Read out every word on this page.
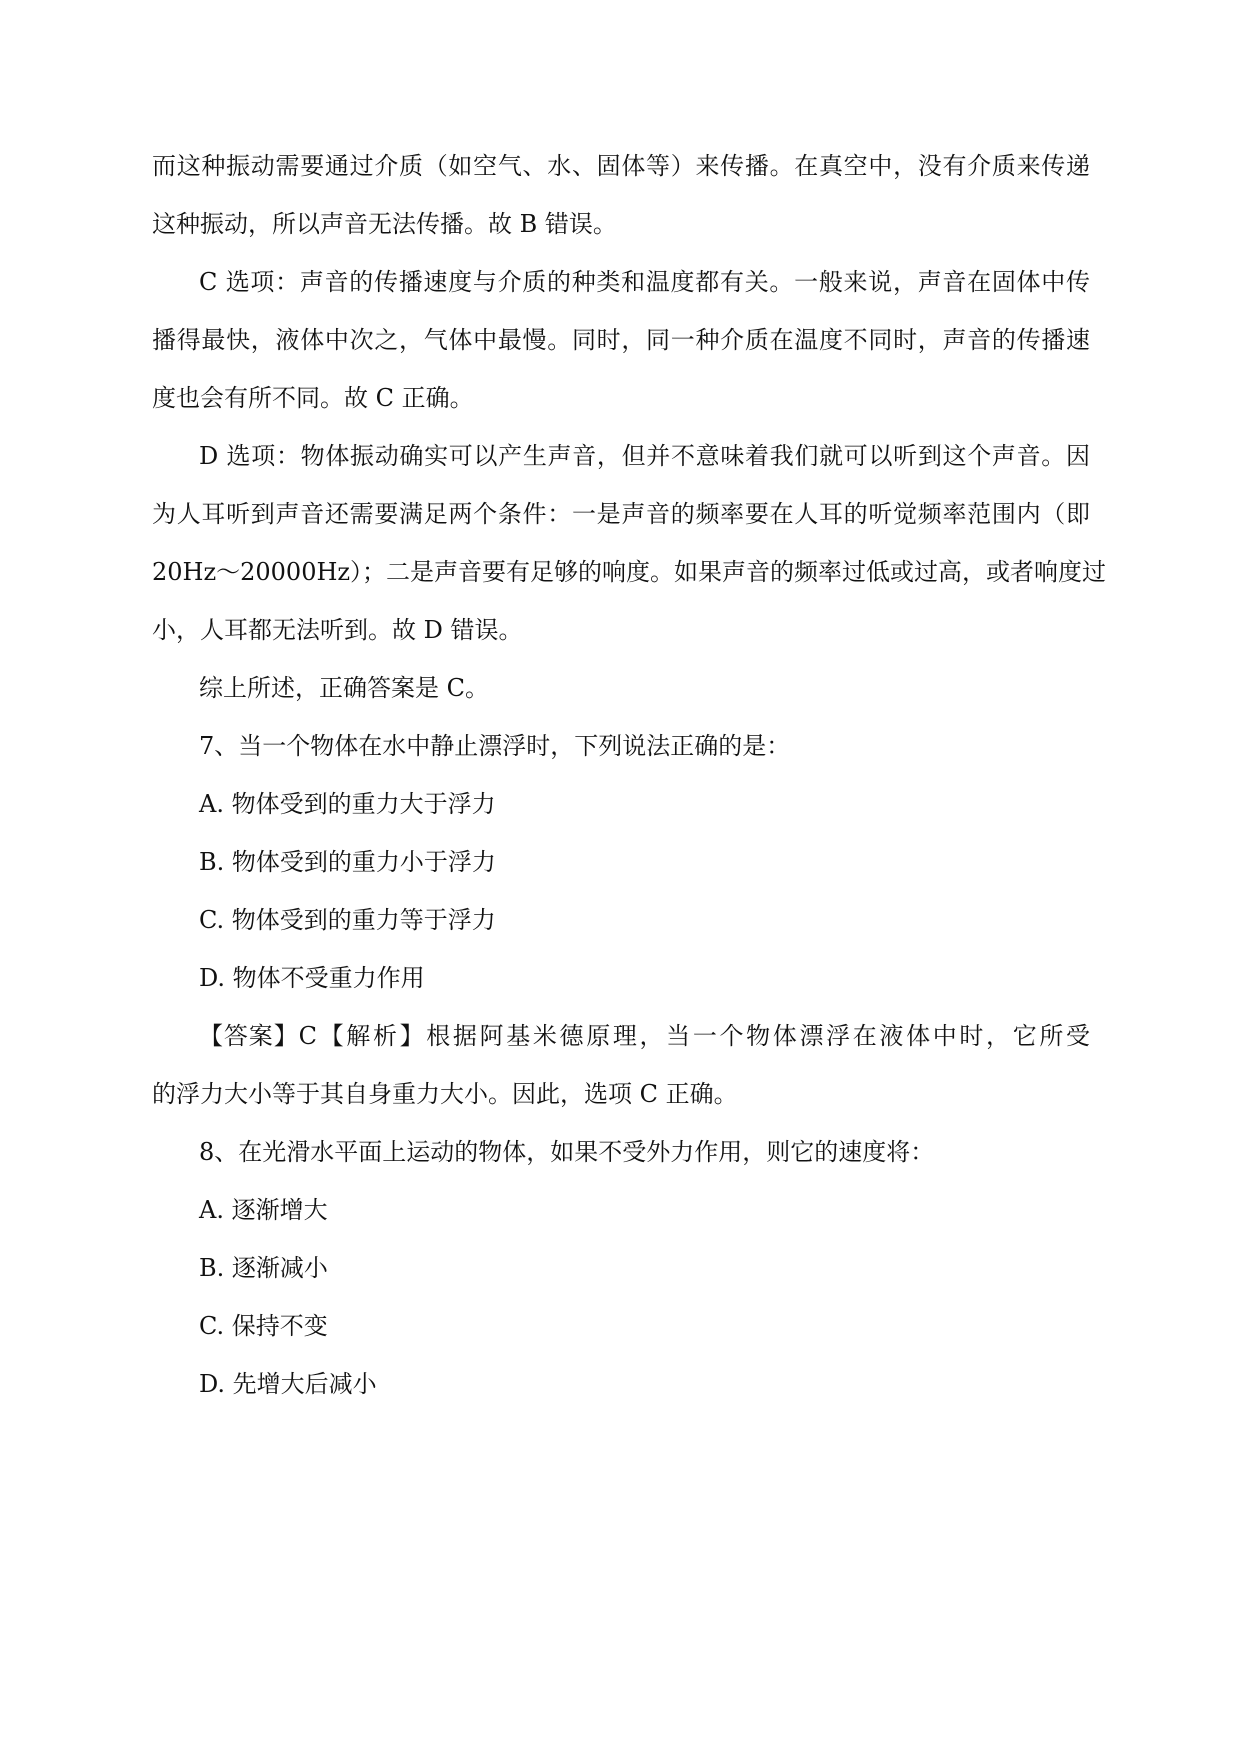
而这种振动需要通过介质（如空气、水、固体等）来传播。在真空中，没有介质来传递

这种振动，所以声音无法传播。故 B 错误。

C 选项：声音的传播速度与介质的种类和温度都有关。一般来说，声音在固体中传

播得最快，液体中次之，气体中最慢。同时，同一种介质在温度不同时，声音的传播速

度也会有所不同。故 C 正确。

D 选项：物体振动确实可以产生声音，但并不意味着我们就可以听到这个声音。因

为人耳听到声音还需要满足两个条件：一是声音的频率要在人耳的听觉频率范围内（即

20Hz～20000Hz）；二是声音要有足够的响度。如果声音的频率过低或过高，或者响度过

小，人耳都无法听到。故 D 错误。

综上所述，正确答案是 C。

7、当一个物体在水中静止漂浮时，下列说法正确的是：

A. 物体受到的重力大于浮力

B. 物体受到的重力小于浮力

C. 物体受到的重力等于浮力

D. 物体不受重力作用

【答案】C【解析】根据阿基米德原理，当一个物体漂浮在液体中时，它所受

的浮力大小等于其自身重力大小。因此，选项 C 正确。

8、在光滑水平面上运动的物体，如果不受外力作用，则它的速度将：

A. 逐渐增大

B. 逐渐减小

C. 保持不变

D. 先增大后减小
